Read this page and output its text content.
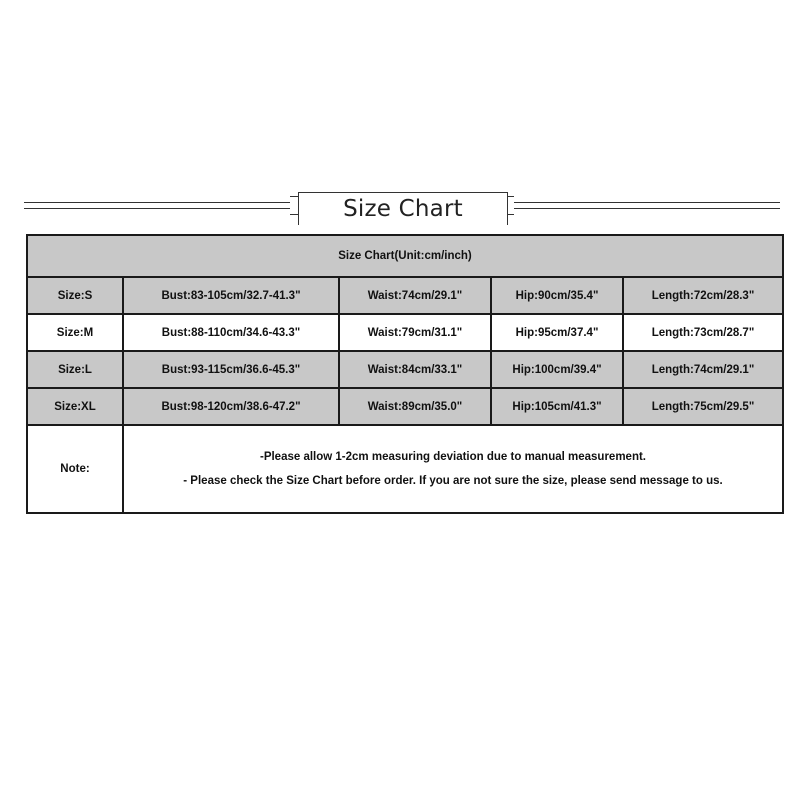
Size Chart
Size Chart(Unit:cm/inch)				
Size:S	Bust:83-105cm/32.7-41.3"	Waist:74cm/29.1"	Hip:90cm/35.4"	Length:72cm/28.3"
Size:M	Bust:88-110cm/34.6-43.3"	Waist:79cm/31.1"	Hip:95cm/37.4"	Length:73cm/28.7"
Size:L	Bust:93-115cm/36.6-45.3"	Waist:84cm/33.1"	Hip:100cm/39.4"	Length:74cm/29.1"
Size:XL	Bust:98-120cm/38.6-47.2"	Waist:89cm/35.0"	Hip:105cm/41.3"	Length:75cm/29.5"
Note:	-Please allow 1-2cm measuring deviation due to manual measurement.
- Please check the Size Chart before order. If you are not sure the size, please send message to us.			
